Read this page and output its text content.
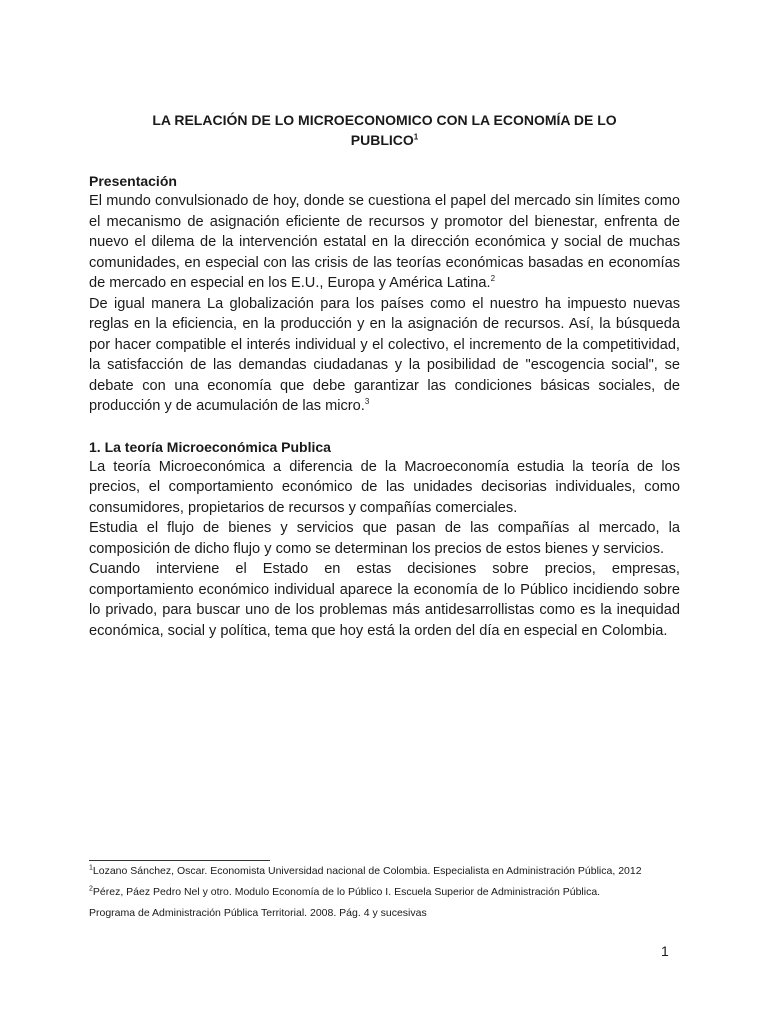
LA RELACIÓN DE LO MICROECONOMICO CON LA ECONOMÍA DE LO
PUBLICO$^1$
Presentación

El mundo convulsionado de hoy, donde se cuestiona el papel del mercado sin límites como el mecanismo de asignación eficiente de recursos y promotor del bienestar, enfrenta de nuevo el dilema de la intervención estatal en la dirección económica y social de muchas comunidades, en especial con las crisis de las teorías económicas basadas en economías de mercado en especial en los E.U., Europa y América Latina.$^2$

De igual manera La globalización para los países como el nuestro ha impuesto nuevas reglas en la eficiencia, en la producción y en la asignación de recursos. Así, la búsqueda por hacer compatible el interés individual y el colectivo, el incremento de la competitividad, la satisfacción de las demandas ciudadanas y la posibilidad de "escogencia social", se debate con una economía que debe garantizar las condiciones básicas sociales, de producción y de acumulación de las micro.$^3$

1. La teoría Microeconómica Publica

La teoría Microeconómica a diferencia de la Macroeconomía estudia la teoría de los precios, el comportamiento económico de las unidades decisorias individuales, como consumidores, propietarios de recursos y compañías comerciales.

Estudia el flujo de bienes y servicios que pasan de las compañías al mercado, la composición de dicho flujo y como se determinan los precios de estos bienes y servicios.

Cuando interviene el Estado en estas decisiones sobre precios, empresas, comportamiento económico individual aparece la economía de lo Público incidiendo sobre lo privado, para buscar uno de los problemas más antidesarrollistas como es la inequidad económica, social y política, tema que hoy está la orden del día en especial en Colombia.

$^1$Lozano Sánchez, Oscar. Economista Universidad nacional de Colombia. Especialista en Administración Pública, 2012

$^2$Pérez, Páez Pedro Nel y otro. Modulo Economía de lo Público I. Escuela Superior de Administración Pública.

Programa de Administración Pública Territorial. 2008. Pág. 4 y sucesivas

1
